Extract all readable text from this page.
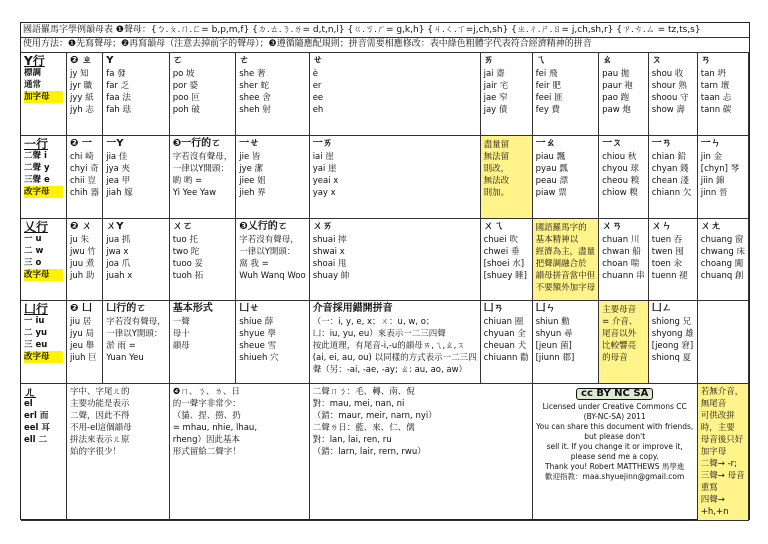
國語羅馬字學例韻母表 ❶聲母：{ㄅ.ㄆ.ㄇ.ㄈ= b,p,m,f} {ㄉ.ㄊ.ㄋ.ㄌ= d,t,n,l} {ㄍ.ㄎ.ㄏ= g,k,h} {ㄐ.ㄑ.ㄒ=j,ch,sh} {ㄓ.ㄔ.ㄕ.ㄖ= j,ch,sh,r} {ㄗ.ㄘ.ㄙ = tz,ts,s}
使用方法：❶先寫聲母；❷再寫韻母（注意去掉前字的聲母）；❸遵循隨應配規則；拼音需要相應修改：表中綠色粗體字代表符合經濟精神的拼音
Y行
標調
通常
加字母
❷ ㄓ
jy 知
jyr 職
jyy 紙
jyh 志
Y
fa 發
far 乏
faa 法
fah 琺
ㄛ
po 坡
por 婆
poo 叵
poh 破
ㄜ
she 奢
sher 蛇
shee 舍
sheh 射
ㄝ
è
er
ee
eh
ㄞ
jai 齋
jair 宅
jae 窄
jay 債
ㄟ
fei 飛
feir 肥
feei 匪
fey 費
ㄠ
pau 拋
paur 袍
pao 跑
paw 炮
ㄡ
shou 收
shour 熟
shoou 守
show 壽
ㄢ
tan 坍
tarn 壇
taan 忐
tann 碳
一行
二聲 i
二聲 y
三聲 e
改字母
❷ 一
chi 崎
chyi 奇
chii 豈
chih 器
一Y
jia 佳
jya 夾
jea 甲
jiah 嫁
❸一行的ㄛ
字若沒有聲母，
一律以Y開頭：
喲 哟 =
Yi Yee Yaw
一ㄝ
jie 皆
jye 潔
jiee 姐
jieh 界
一ㄞ
iai 崖
yai 崖
yeai x
yay x
盡量留
無法留
則改，
無法改
則加。
一ㄠ
piau 飄
pyau 瓢
peau 漂
piaw 票
一ㄡ
chiou 秋
chyou 球
cheou 糗
chiow 糗
一ㄢ
chian 鉛
chyan 錢
chean 淺
chiann 欠
一ㄣ
jin 金
[chyn] 琴
jiin 錦
jinn 晉
乂行
一 u
二 w
三 o
改字母
❷ ㄨ
ju 朱
jwu 竹
juu 煮
juh 助
ㄨY
jua 抓
jwa x
joa 爪
juah x
ㄨㄛ
tuo 托
two 陀
tuoo 妥
tuoh 拓
❸乂行的ㄛ
字若沒有聲母，
一律以Y開頭：
窩 我 =
Wuh Wanq Woo
ㄨㄞ
shuai 摔
shwai x
shoai 甩
shuay 帥
ㄨㄟ
chuei 吹
chwei 垂
[shoei 水]
[shuey 睡]
國語羅馬字的
基本精神以
經濟為主，盡量
把聲調融合於
韻母拼音當中但
不要額外加字母
ㄨㄢ
chuan 川
chwan 船
choan 喘
chuann 串
ㄨㄣ
tuen 吞
twen 囤
toen 汆
tuenn 褪
ㄨㄤ
chuang 窗
chwang 床
choang 闖
chuanq 創
凵行
一 iu
二 yu
三 eu
改字母
❷ 凵
jiu 居
jyu 局
jeu 舉
jiuh 巨
凵行的ㄛ
字若沒有聲母，
一律以Y開頭：
淤 雨 =
Yuan Yeu
基本形式
一聲
母十
韻母
凵ㄝ
shiue 薛
shyue 學
sheue 雪
shiueh 穴
介音採用錯開拼音
（一：i, y, e, x；ㄨ：u, w, o；
凵：iu, yu, eu）來表示一二三四聲
按此道理，有尾音-i,-u的韻母ㄞ,ㄟ,ㄠ,ㄡ
(ai, ei, au, ou) 以同樣的方式表示一二三四
聲（另：-ai, -ae, -ay; ㄠ: au, ao, aw）
凵ㄢ
chiuan 圈
chyuan 全
cheuan 犬
chiuann 勸
凵ㄣ
shiun 勳
shyun 尋
[jeun 菌]
[jiunn 郡]
主要母音
= 介音、
尾音以外
比較響亮
的母音
凵ㄥ
shiong 兄
shyong 雄
[jeong 窘]
shionq 夏
ㄦ
el
erl 而
eel 耳
ell 二
字中、字尾ㄦ的
主要功能是表示
二聲，因此不得
不用-el這個韻母
拼法來表示ㄦ原
始的字很少！
❹ㄇ、ㄋ、ㄌ、日
的一聲字非常少：
（貓、捏、撈、扔
= mhau, nhie, lhau,
rheng）因此基本
形式留給二聲字！
二聲ㄇㄋ：毛、轉、南、倪
對：mau, mei, nan, ni
（錯：maur, meir, narn, nyi）
二聲ㄌ日：藍、來、仁、儒
對：lan, lai, ren, ru
（錯：larn, lair, rern, rwu）
cc BY NC SA
Licensed under Creative Commons CC (BY-NC-SA) 2011
You can share this document with friends, but please don't
sell it. If you change it or improve it, please send me a copy.
Thank you! Robert MATTHEWS 馬學進
歡迎指教：maa.shyuejinn@gmail.com
若無介音，無尾音
可供改拼時，主要
母音後只好加字母
二聲→ -r;
三聲→ 母音重寫
四聲→ +h,+n
